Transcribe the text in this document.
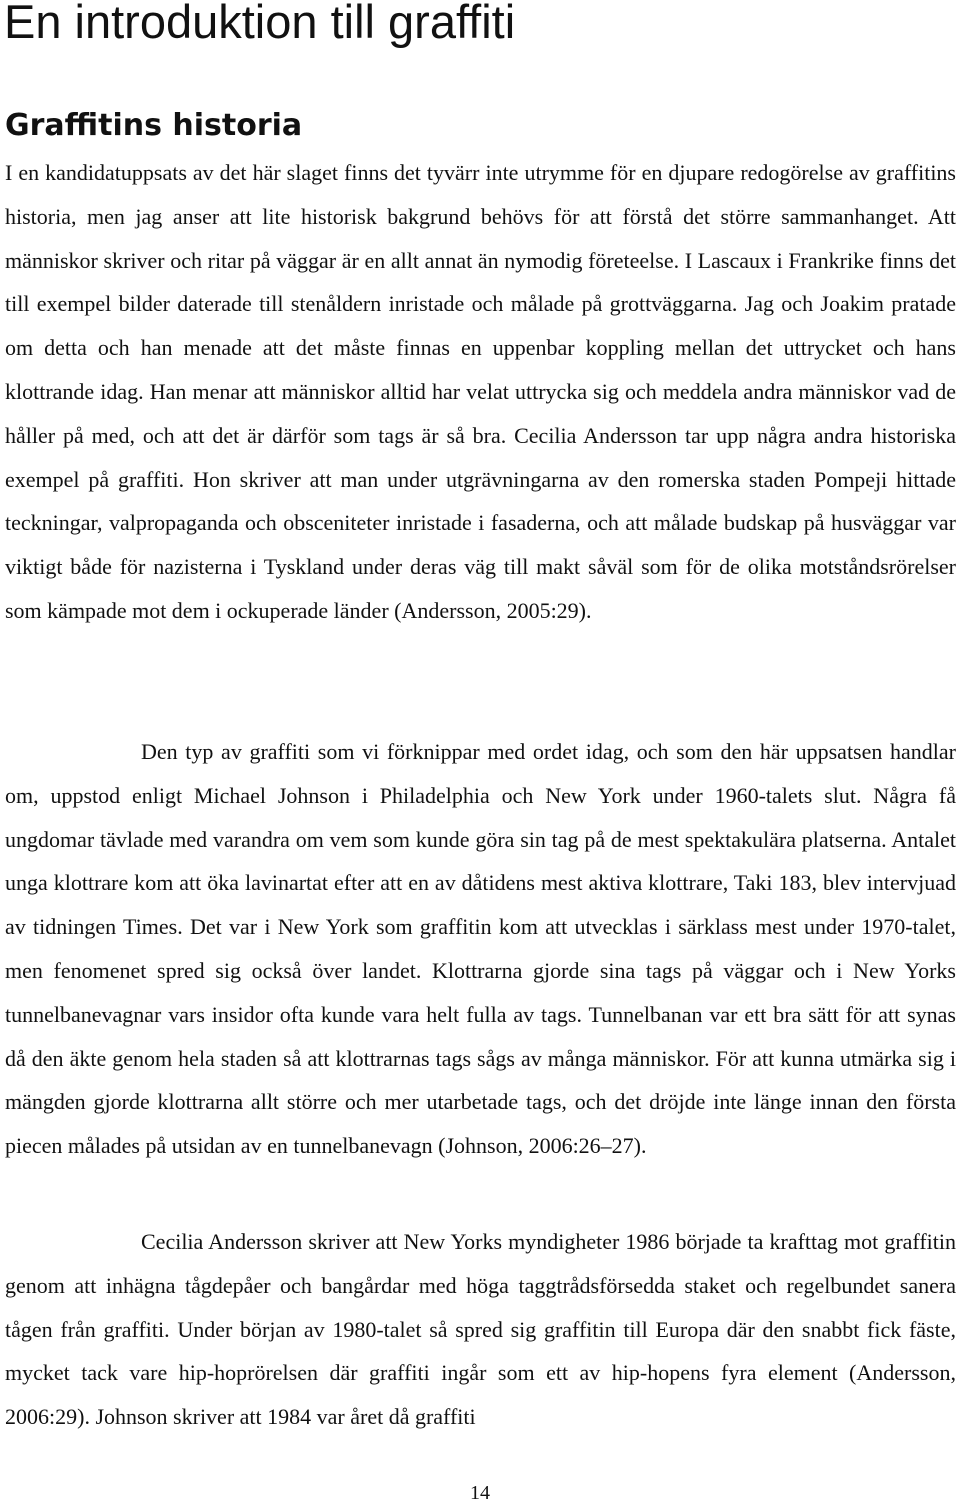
En introduktion till graffiti
Graffitins historia

I en kandidatuppsats av det här slaget finns det tyvärr inte utrymme för en djupare redogörelse av graffitins historia, men jag anser att lite historisk bakgrund behövs för att förstå det större sammanhanget. Att människor skriver och ritar på väggar är en allt annat än nymodig företeelse. I Lascaux i Frankrike finns det till exempel bilder daterade till stenåldern inristade och målade på grottväggarna. Jag och Joakim pratade om detta och han menade att det måste finnas en uppenbar koppling mellan det uttrycket och hans klottrande idag. Han menar att människor alltid har velat uttrycka sig och meddela andra människor vad de håller på med, och att det är därför som tags är så bra. Cecilia Andersson tar upp några andra historiska exempel på graffiti. Hon skriver att man under utgrävningarna av den romerska staden Pompeji hittade teckningar, valpropaganda och obsceniteter inristade i fasaderna, och att målade budskap på husväggar var viktigt både för nazisterna i Tyskland under deras väg till makt såväl som för de olika motståndsrörelser som kämpade mot dem i ockuperade länder (Andersson, 2005:29).

Den typ av graffiti som vi förknippar med ordet idag, och som den här uppsatsen handlar om, uppstod enligt Michael Johnson i Philadelphia och New York under 1960-talets slut. Några få ungdomar tävlade med varandra om vem som kunde göra sin tag på de mest spektakulära platserna. Antalet unga klottrare kom att öka lavinartat efter att en av dåtidens mest aktiva klottrare, Taki 183, blev intervjuad av tidningen Times. Det var i New York som graffitin kom att utvecklas i särklass mest under 1970-talet, men fenomenet spred sig också över landet. Klottrarna gjorde sina tags på väggar och i New Yorks tunnelbanevagnar vars insidor ofta kunde vara helt fulla av tags. Tunnelbanan var ett bra sätt för att synas då den äkte genom hela staden så att klottrarnas tags sågs av många människor. För att kunna utmärka sig i mängden gjorde klottrarna allt större och mer utarbetade tags, och det dröjde inte länge innan den första piecen målades på utsidan av en tunnelbanevagn (Johnson, 2006:26–27).

Cecilia Andersson skriver att New Yorks myndigheter 1986 började ta krafttag mot graffitin genom att inhägna tågdepåer och bangårdar med höga taggtrådsförsedda staket och regelbundet sanera tågen från graffiti. Under början av 1980-talet så spred sig graffitin till Europa där den snabbt fick fäste, mycket tack vare hip-hoprörelsen där graffiti ingår som ett av hip-hopens fyra element (Andersson, 2006:29). Johnson skriver att 1984 var året då graffiti

14
